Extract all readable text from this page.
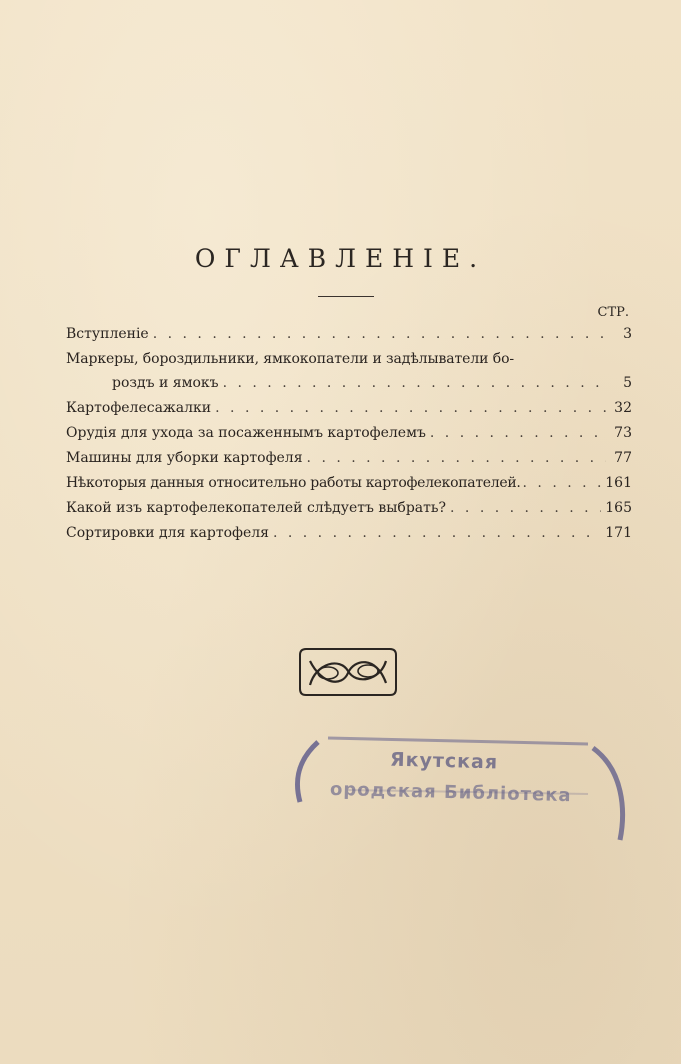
ОГЛАВЛЕНІЕ.
СТР.
Вступленіе . . .	3
Маркеры, бороздильники, ямкокопатели и задѣлыватели бо-
роздъ и ямокъ . . .	5
Картофелесажалки . . .	32
Орудія для ухода за посаженнымъ картофелемъ . . .	73
Машины для уборки картофеля . . .	77
Нѣкоторыя данныя относительно работы картофелекопателей. . . .	161
Какой изъ картофелекопателей слѣдуетъ выбрать? . . .	165
Сортировки для картофеля . . .	171
Якутская
ородская Библіотека
